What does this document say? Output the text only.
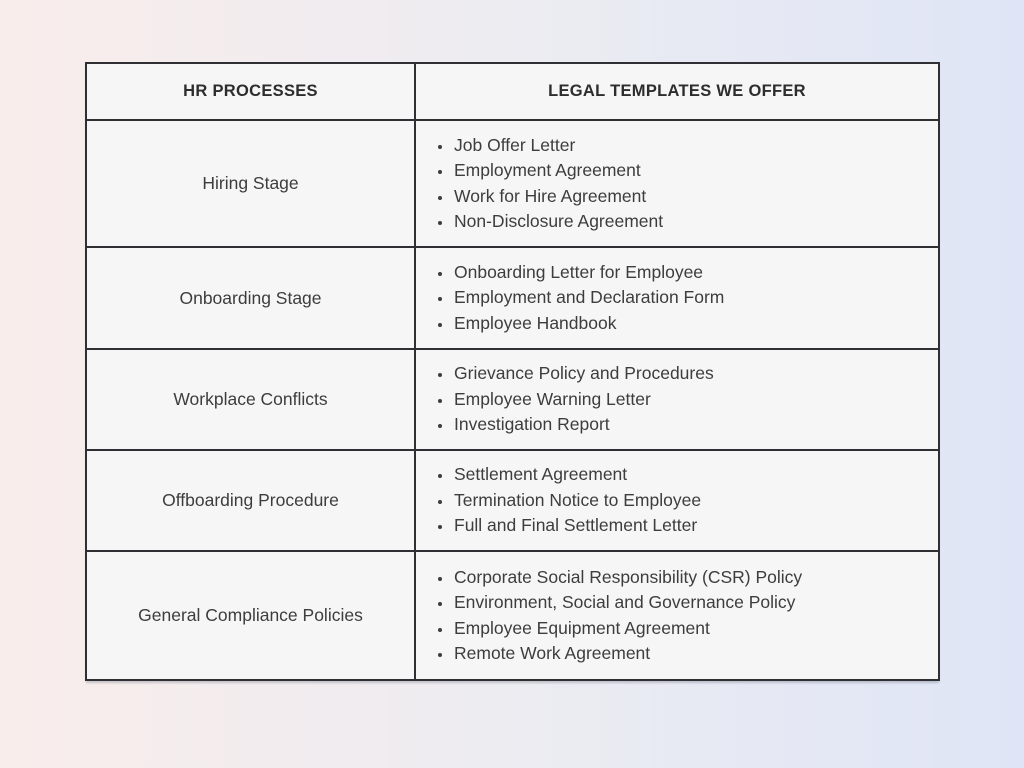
HR PROCESSES	LEGAL TEMPLATES WE OFFER
Hiring Stage
• Job Offer Letter
• Employment Agreement
• Work for Hire Agreement
• Non-Disclosure Agreement
Onboarding Stage
• Onboarding Letter for Employee
• Employment and Declaration Form
• Employee Handbook
Workplace Conflicts
• Grievance Policy and Procedures
• Employee Warning Letter
• Investigation Report
Offboarding Procedure
• Settlement Agreement
• Termination Notice to Employee
• Full and Final Settlement Letter
General Compliance Policies
• Corporate Social Responsibility (CSR) Policy
• Environment, Social and Governance Policy
• Employee Equipment Agreement
• Remote Work Agreement
